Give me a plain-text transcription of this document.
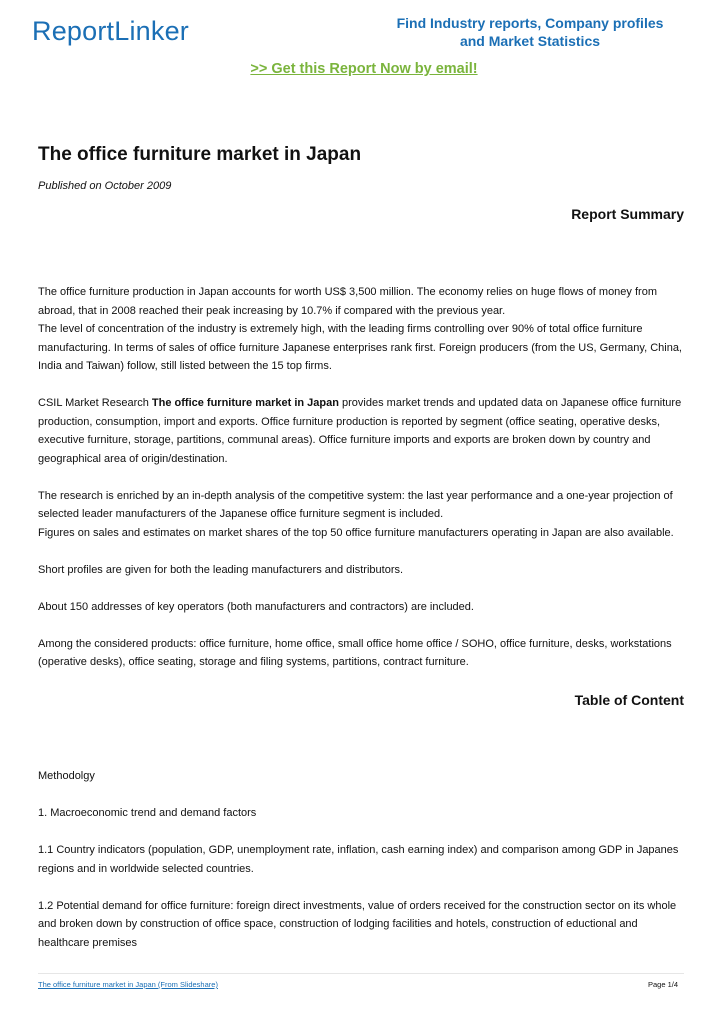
ReportLinker	Find Industry reports, Company profiles
and Market Statistics
>> Get this Report Now by email!
The office furniture market in Japan
Published on October 2009
Report Summary

The office furniture production in Japan accounts for worth US$ 3,500 million. The economy relies on huge flows of money from abroad, that in 2008 reached their peak increasing by 10.7% if compared with the previous year.

The level of concentration of the industry is extremely high, with the leading firms controlling over 90% of total office furniture manufacturing. In terms of sales of office furniture Japanese enterprises rank first. Foreign producers (from the US, Germany, China, India and Taiwan) follow, still listed between the 15 top firms.

CSIL Market Research The office furniture market in Japan provides market trends and updated data on Japanese office furniture production, consumption, import and exports. Office furniture production is reported by segment (office seating, operative desks, executive furniture, storage, partitions, communal areas). Office furniture imports and exports are broken down by country and geographical area of origin/destination.

The research is enriched by an in-depth analysis of the competitive system: the last year performance and a one-year projection of selected leader manufacturers of the Japanese office furniture segment is included.

Figures on sales and estimates on market shares of the top 50 office furniture manufacturers operating in Japan are also available.

Short profiles are given for both the leading manufacturers and distributors.

About 150 addresses of key operators (both manufacturers and contractors) are included.

Among the considered products: office furniture, home office, small office home office / SOHO, office furniture, desks, workstations (operative desks), office seating, storage and filing systems, partitions, contract furniture.

Table of Content

Methodolgy

1. Macroeconomic trend and demand factors

1.1 Country indicators (population, GDP, unemployment rate, inflation, cash earning index) and comparison among GDP in Japanes regions and in worldwide selected countries.

1.2 Potential demand for office furniture: foreign direct investments, value of orders received for the construction sector on its whole and broken down by construction of office space, construction of lodging facilities and hotels, construction of eductional and healthcare premises

The office furniture market in Japan (From Slideshare)	Page 1/4
